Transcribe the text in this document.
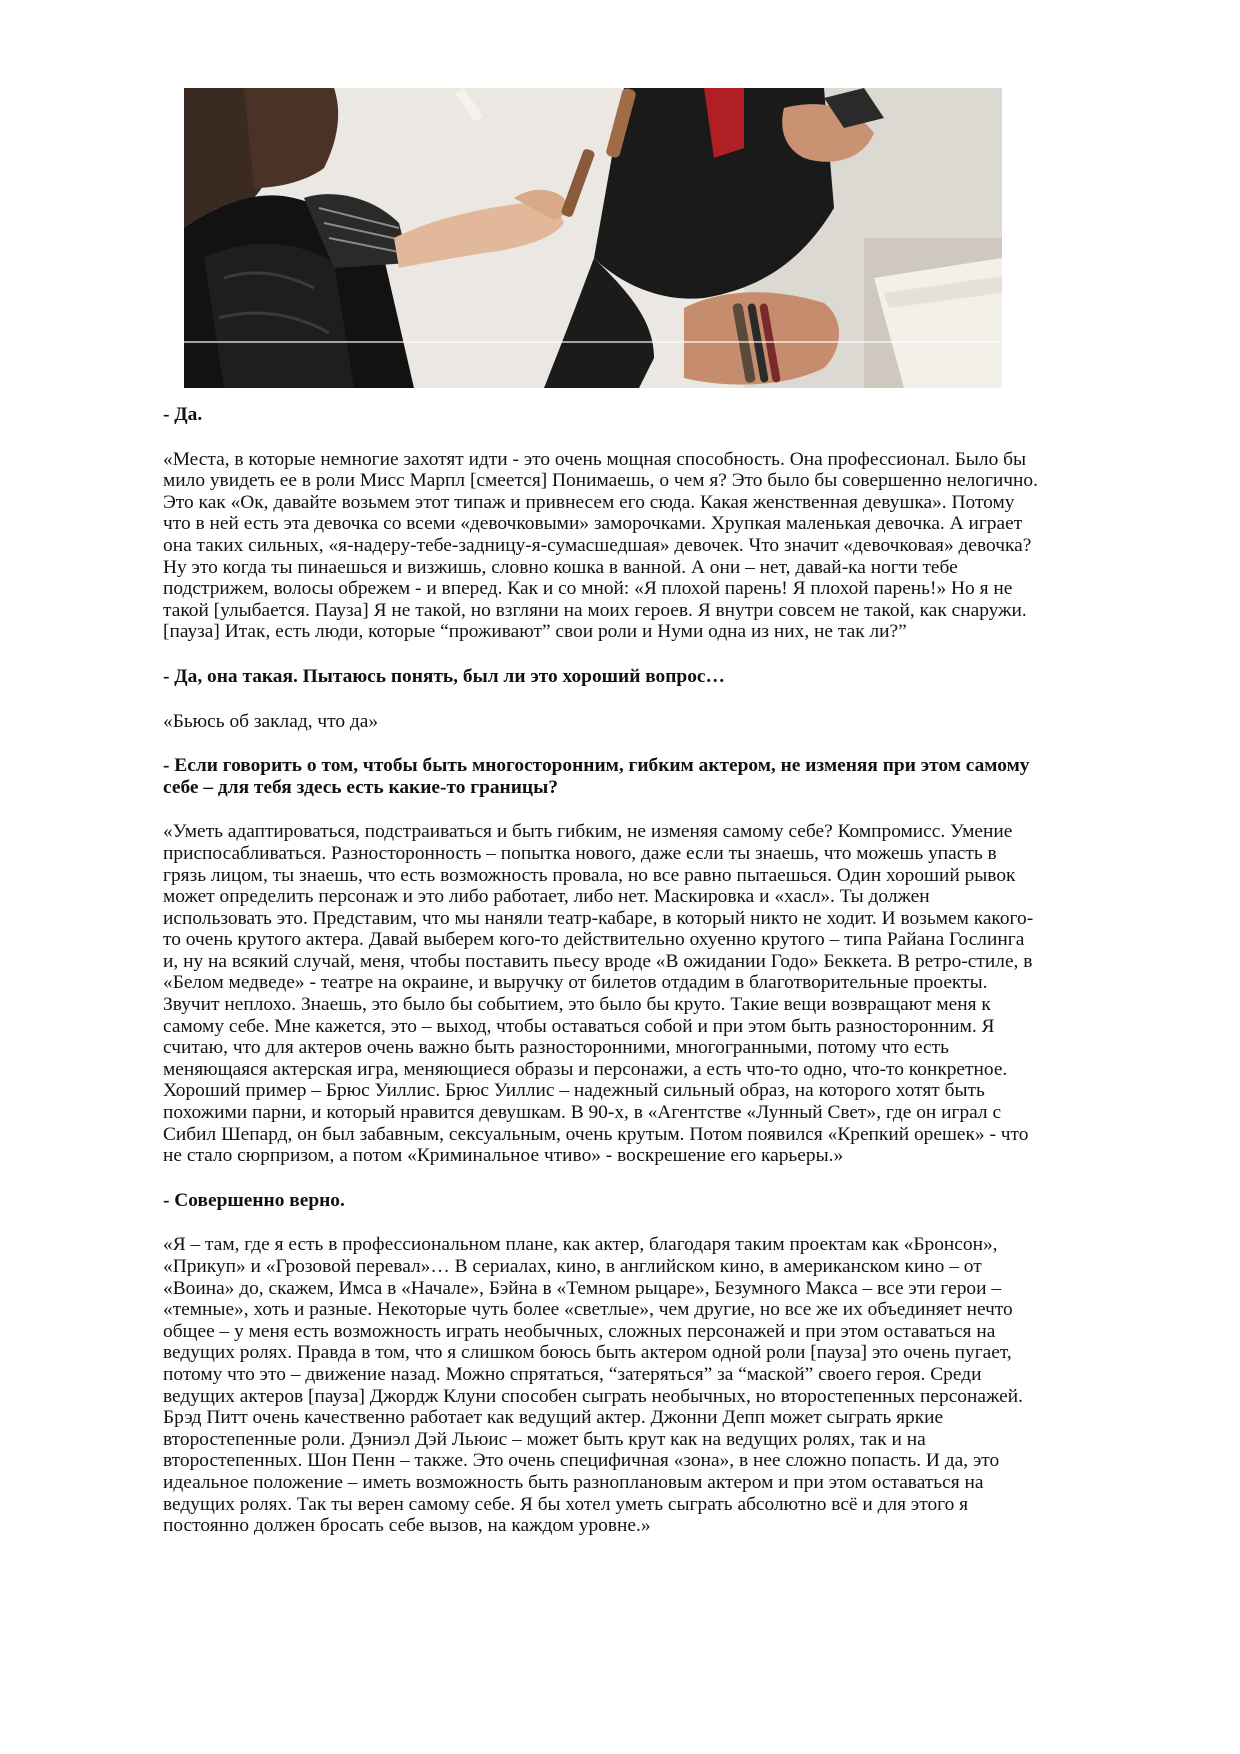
- Да.

«Места, в которые немногие захотят идти - это очень мощная способность. Она профессионал. Было бы мило увидеть ее в роли Мисс Марпл [смеется] Понимаешь, о чем я? Это было бы совершенно нелогично. Это как «Ок, давайте возьмем этот типаж и привнесем его сюда. Какая женственная девушка». Потому что в ней есть эта девочка со всеми «девочковыми» заморочками. Хрупкая маленькая девочка. А играет она таких сильных, «я-надеру-тебе-задницу-я-сумасшедшая» девочек. Что значит «девочковая» девочка? Ну это когда ты пинаешься и визжишь, словно кошка в ванной. А они – нет, давай-ка ногти тебе подстрижем, волосы обрежем - и вперед. Как и со мной: «Я плохой парень! Я плохой парень!» Но я не такой [улыбается. Пауза] Я не такой, но взгляни на моих героев. Я внутри совсем не такой, как снаружи. [пауза] Итак, есть люди, которые “проживают” свои роли и Нуми одна из них, не так ли?”

- Да, она такая. Пытаюсь понять, был ли это хороший вопрос…

«Бьюсь об заклад, что да»

- Если говорить о том, чтобы быть многосторонним, гибким актером, не изменяя при этом самому себе – для тебя здесь есть какие-то границы?

«Уметь адаптироваться, подстраиваться и быть гибким, не изменяя самому себе? Компромисс. Умение приспосабливаться. Разносторонность – попытка нового, даже если ты знаешь, что можешь упасть в грязь лицом, ты знаешь, что есть возможность провала, но все равно пытаешься. Один хороший рывок может определить персонаж и это либо работает, либо нет. Маскировка и «хасл». Ты должен использовать это. Представим, что мы наняли театр-кабаре, в который никто не ходит. И возьмем какого-то очень крутого актера. Давай выберем кого-то действительно охуенно крутого – типа Райана Гослинга и, ну на всякий случай, меня, чтобы поставить пьесу вроде «В ожидании Годо» Беккета. В ретро-стиле, в «Белом медведе» - театре на окраине, и выручку от билетов отдадим в благотворительные проекты. Звучит неплохо. Знаешь, это было бы событием, это было бы круто. Такие вещи возвращают меня к самому себе. Мне кажется, это – выход, чтобы оставаться собой и при этом быть разносторонним. Я считаю, что для актеров очень важно быть разносторонними, многогранными, потому что есть меняющаяся актерская игра, меняющиеся образы и персонажи, а есть что-то одно, что-то конкретное. Хороший пример – Брюс Уиллис. Брюс Уиллис – надежный сильный образ, на которого хотят быть похожими парни, и который нравится девушкам. В 90-х, в «Агентстве «Лунный Свет», где он играл с Сибил Шепард, он был забавным, сексуальным, очень крутым. Потом появился «Крепкий орешек» - что не стало сюрпризом, а потом «Криминальное чтиво» - воскрешение его карьеры.»

- Совершенно верно.

«Я – там, где я есть в профессиональном плане, как актер, благодаря таким проектам как «Бронсон», «Прикуп» и «Грозовой перевал»… В сериалах, кино, в английском кино, в американском кино – от «Воина» до, скажем, Имса в «Начале», Бэйна в «Темном рыцаре», Безумного Макса – все эти герои – «темные», хоть и разные. Некоторые чуть более «светлые», чем другие, но все же их объединяет нечто общее – у меня есть возможность играть необычных, сложных персонажей и при этом оставаться на ведущих ролях. Правда в том, что я слишком боюсь быть актером одной роли [пауза] это очень пугает, потому что это – движение назад. Можно спрятаться, “затеряться” за “маской” своего героя. Среди ведущих актеров [пауза] Джордж Клуни способен сыграть необычных, но второстепенных персонажей. Брэд Питт очень качественно работает как ведущий актер. Джонни Депп может сыграть яркие второстепенные роли. Дэниэл Дэй Льюис – может быть крут как на ведущих ролях, так и на второстепенных. Шон Пенн – также. Это очень специфичная «зона», в нее сложно попасть. И да, это идеальное положение – иметь возможность быть разноплановым актером и при этом оставаться на ведущих ролях. Так ты верен самому себе. Я бы хотел уметь сыграть абсолютно всё и для этого я постоянно должен бросать себе вызов, на каждом уровне.»
